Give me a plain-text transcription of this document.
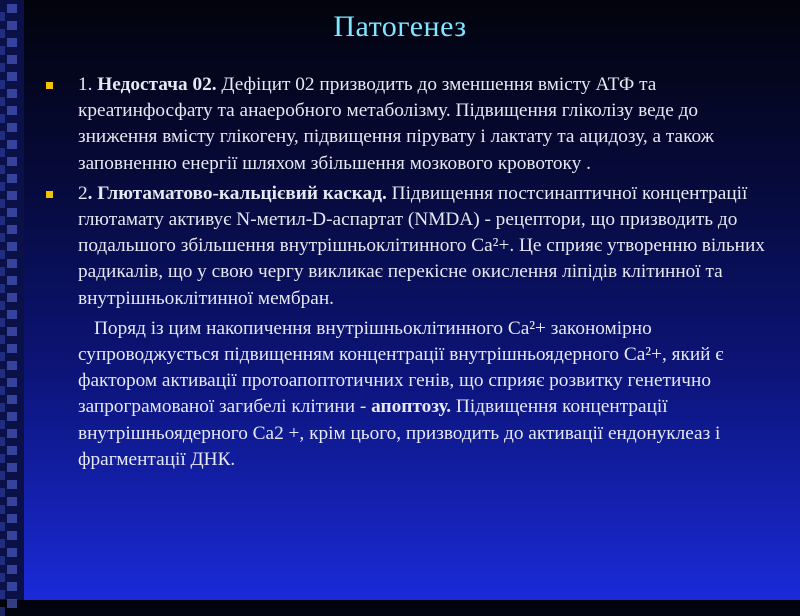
Патогенез
1. Недостача 02. Дефіцит 02 призводить до зменшення вмісту АТФ та креатинфосфату та анаеробного метаболізму. Підвищення гліколізу веде до зниження вмісту глікогену, підвищення пірувату і лактату та ацидозу, а також заповненню енергії шляхом збільшення мозкового кровотоку .
2. Глютаматово-кальцієвий каскад. Підвищення постсинаптичної концентрації глютамату активує N-метил-D-аспартат (NMDA) - рецептори, що призводить до подальшого збільшення внутрішньоклітинного Са²+. Це сприяє утворенню вільних радикалів, що у свою чергу викликає перекісне окислення ліпідів клітинної та внутрішньоклітинної мембран.
Поряд із цим накопичення внутрішньоклітинного Са²+ закономірно супроводжується підвищенням концентрації внутрішньоядерного Са²+, який є фактором активації протоапоптотичних генів, що сприяє розвитку генетично запрограмованої загибелі клітини - апоптозу. Підвищення концентрації внутрішньоядерного Са2 +, крім цього, призводить до активації ендонуклеаз і фрагментації ДНК.
